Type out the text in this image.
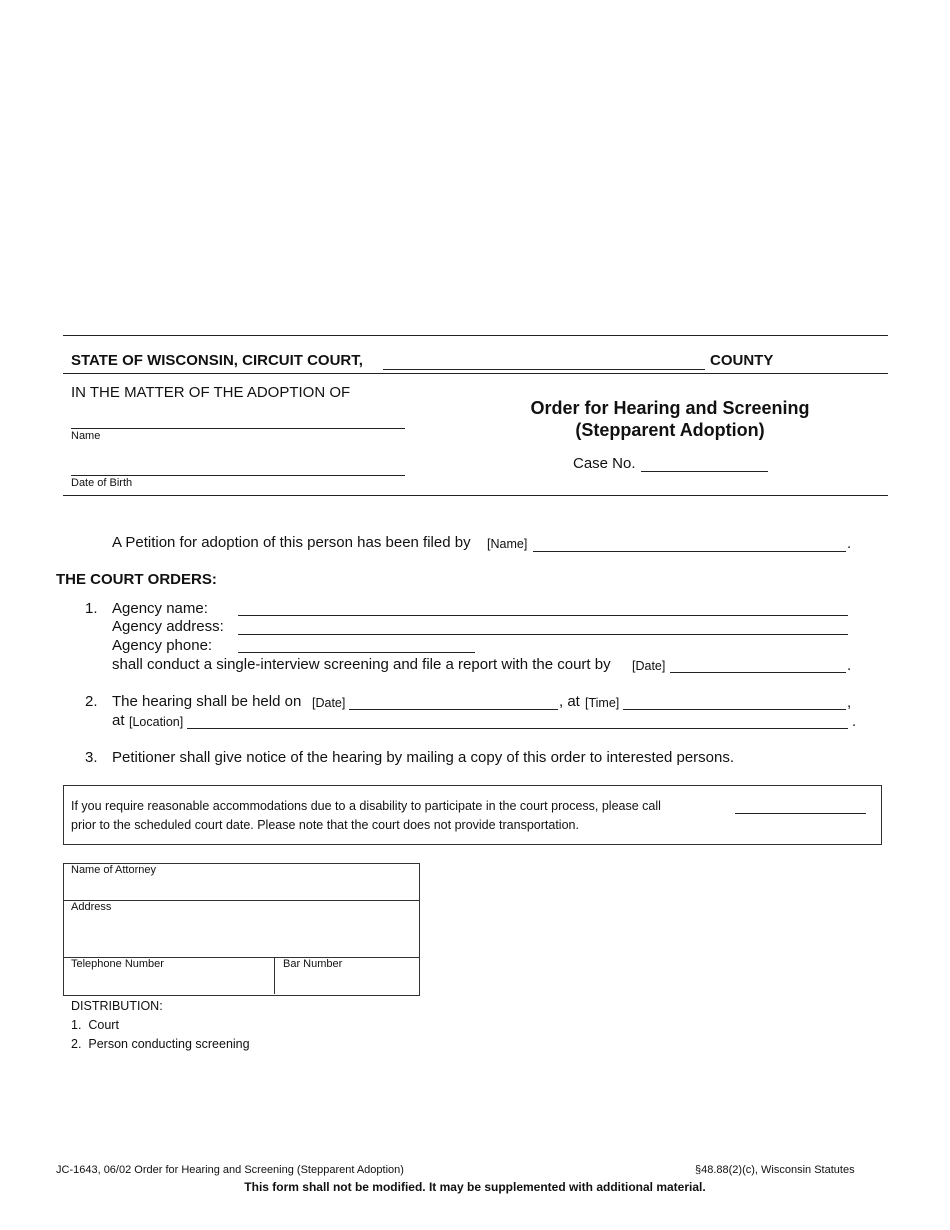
STATE OF WISCONSIN, CIRCUIT COURT,	COUNTY
IN THE MATTER OF THE ADOPTION OF
Name
Date of Birth
Order for Hearing and Screening
(Stepparent Adoption)
Case No.
A Petition for adoption of this person has been filed by [Name]	.
THE COURT ORDERS:
1. Agency name:
Agency address:
Agency phone:
shall conduct a single-interview screening and file a report with the court by [Date]	.
2. The hearing shall be held on [Date]	, at [Time]	,
at [Location]	.
3. Petitioner shall give notice of the hearing by mailing a copy of this order to interested persons.
If you require reasonable accommodations due to a disability to participate in the court process, please call
prior to the scheduled court date. Please note that the court does not provide transportation.
Name of Attorney
Address
Telephone Number	Bar Number
DISTRIBUTION:
1.  Court
2.  Person conducting screening
JC-1643, 06/02 Order for Hearing and Screening (Stepparent Adoption)	§48.88(2)(c), Wisconsin Statutes
This form shall not be modified. It may be supplemented with additional material.
